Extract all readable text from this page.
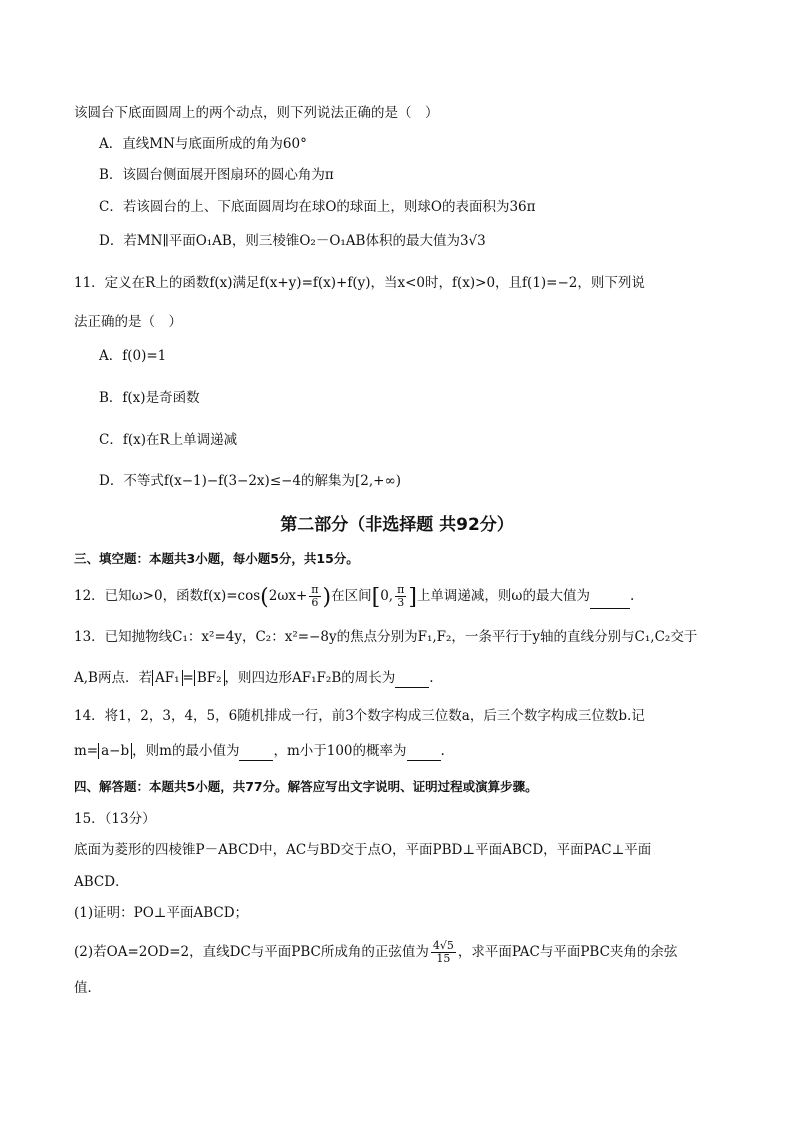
该圆台下底面圆周上的两个动点，则下列说法正确的是（　）
A．直线MN与底面所成的角为60°
B．该圆台侧面展开图扇环的圆心角为π
C．若该圆台的上、下底面圆周均在球O的球面上，则球O的表面积为36π
D．若MN∥平面O₁AB，则三棱锥O₂－O₁AB体积的最大值为3√3
11．定义在R上的函数f(x)满足f(x+y)=f(x)+f(y)，当x<0时，f(x)>0，且f(1)=−2，则下列说
法正确的是（　）
A．f(0)=1
B．f(x)是奇函数
C．f(x)在R上单调递减
D．不等式f(x−1)−f(3−2x)≤−4的解集为[2,+∞)
第二部分（非选择题 共92分）
三、填空题：本题共3小题，每小题5分，共15分。
12．已知ω>0，函数$f(x)=\cos(2\omega x+ \frac{\pi}{6}$ )在区间[0, $\frac{\pi}{3}$ ]上单调递减，则ω的最大值为	.
13．已知抛物线C₁：x²=4y，C₂：x²=−8y的焦点分别为F₁,F₂，一条平行于y轴的直线分别与C₁,C₂交于
A,B两点．若 AF₁ = BF₂ ，则四边形AF₁F₂B的周长为	.
14．将1，2，3，4，5，6随机排成一行，前3个数字构成三位数a，后三个数字构成三位数b.记
m= a−b ，则m的最小值为	，m小于100的概率为	.
四、解答题：本题共5小题，共77分。解答应写出文字说明、证明过程或演算步骤。
15．（13分）
底面为菱形的四棱锥P－ABCD中，AC与BD交于点O，平面PBD⊥平面ABCD，平面PAC⊥平面
ABCD．
(1)证明：PO⊥平面ABCD；
(2)若OA=2OD=2，直线DC与平面PBC所成角的正弦值为 $\frac{4√5}{15}$ ，求平面PAC与平面PBC夹角的余弦
值．
